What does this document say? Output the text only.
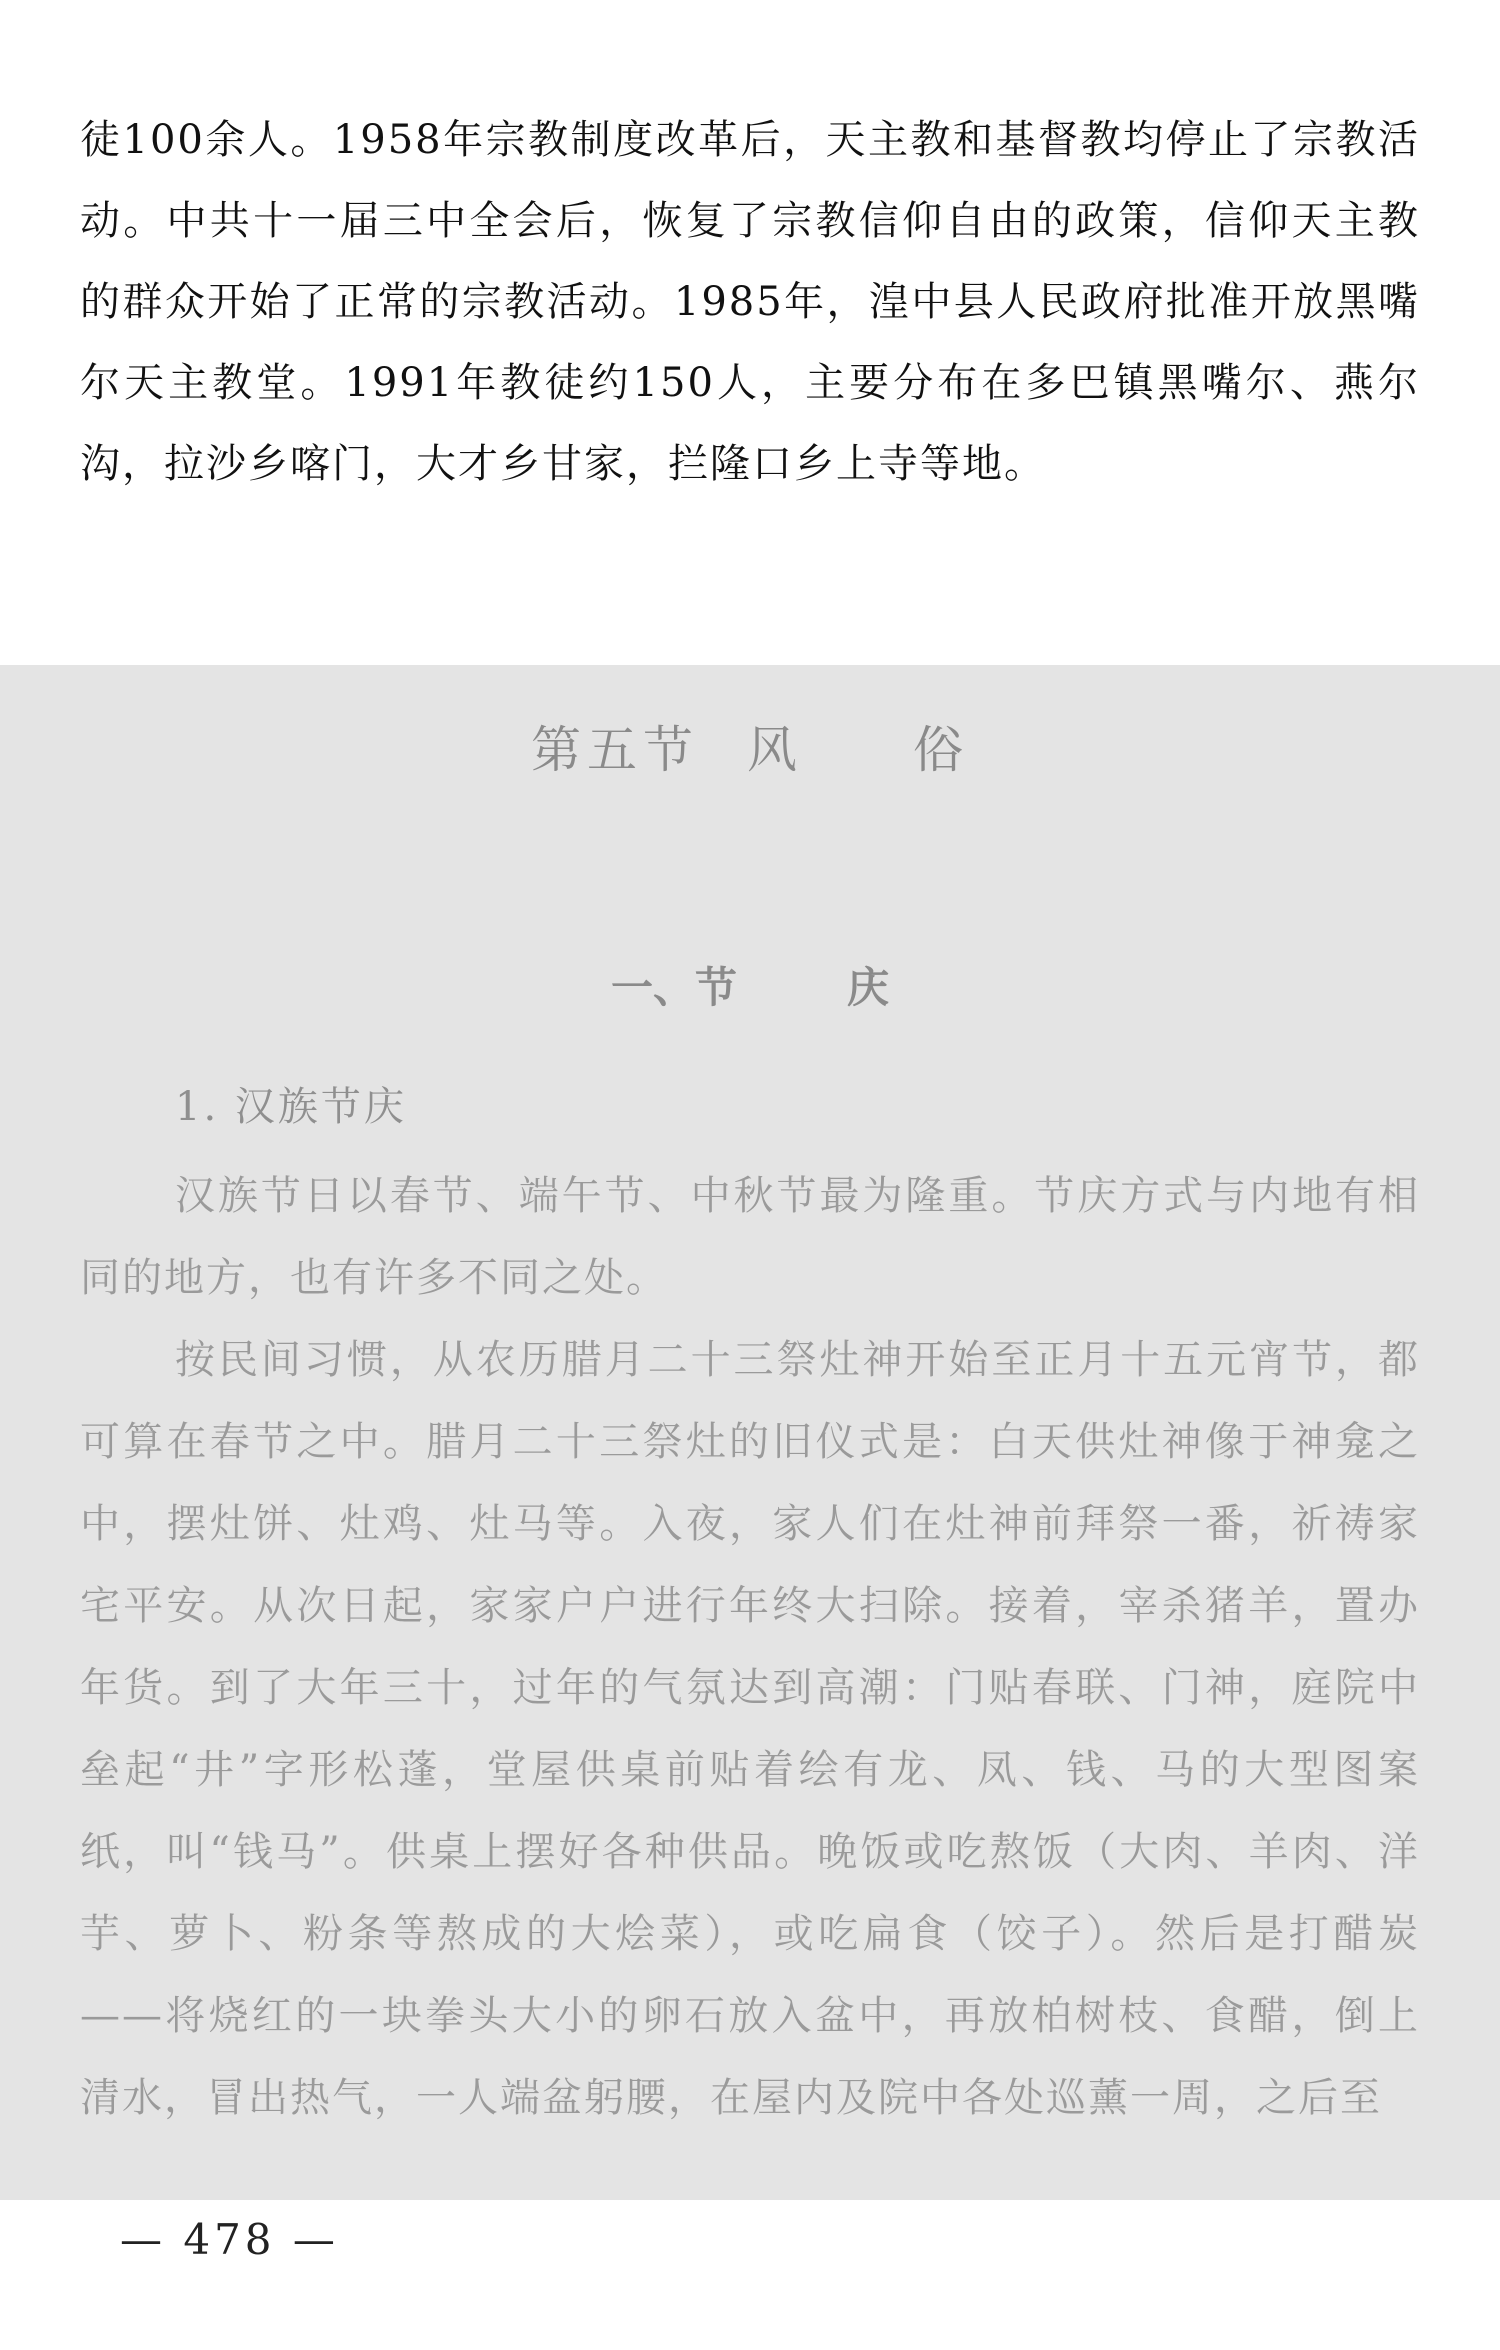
徒100余人。1958年宗教制度改革后，天主教和基督教均停止了宗教活动。中共十一届三中全会后，恢复了宗教信仰自由的政策，信仰天主教的群众开始了正常的宗教活动。1985年，湟中县人民政府批准开放黑嘴尔天主教堂。1991年教徒约150人，主要分布在多巴镇黑嘴尔、燕尔沟，拉沙乡喀门，大才乡甘家，拦隆口乡上寺等地。

第五节 风 俗
一、节	庆
1. 汉族节庆

汉族节日以春节、端午节、中秋节最为隆重。节庆方式与内地有相同的地方，也有许多不同之处。

按民间习惯，从农历腊月二十三祭灶神开始至正月十五元宵节，都可算在春节之中。腊月二十三祭灶的旧仪式是：白天供灶神像于神龛之中，摆灶饼、灶鸡、灶马等。入夜，家人们在灶神前拜祭一番，祈祷家宅平安。从次日起，家家户户进行年终大扫除。接着，宰杀猪羊，置办年货。到了大年三十，过年的气氛达到高潮：门贴春联、门神，庭院中垒起“井”字形松蓬，堂屋供桌前贴着绘有龙、凤、钱、马的大型图案纸，叫“钱马”。供桌上摆好各种供品。晚饭或吃熬饭（大肉、羊肉、洋芋、萝卜、粉条等熬成的大烩菜），或吃扁食（饺子）。然后是打醋炭——将烧红的一块拳头大小的卵石放入盆中，再放柏树枝、食醋，倒上清水，冒出热气，一人端盆躬腰，在屋内及院中各处巡薰一周，之后至

— 478 —
